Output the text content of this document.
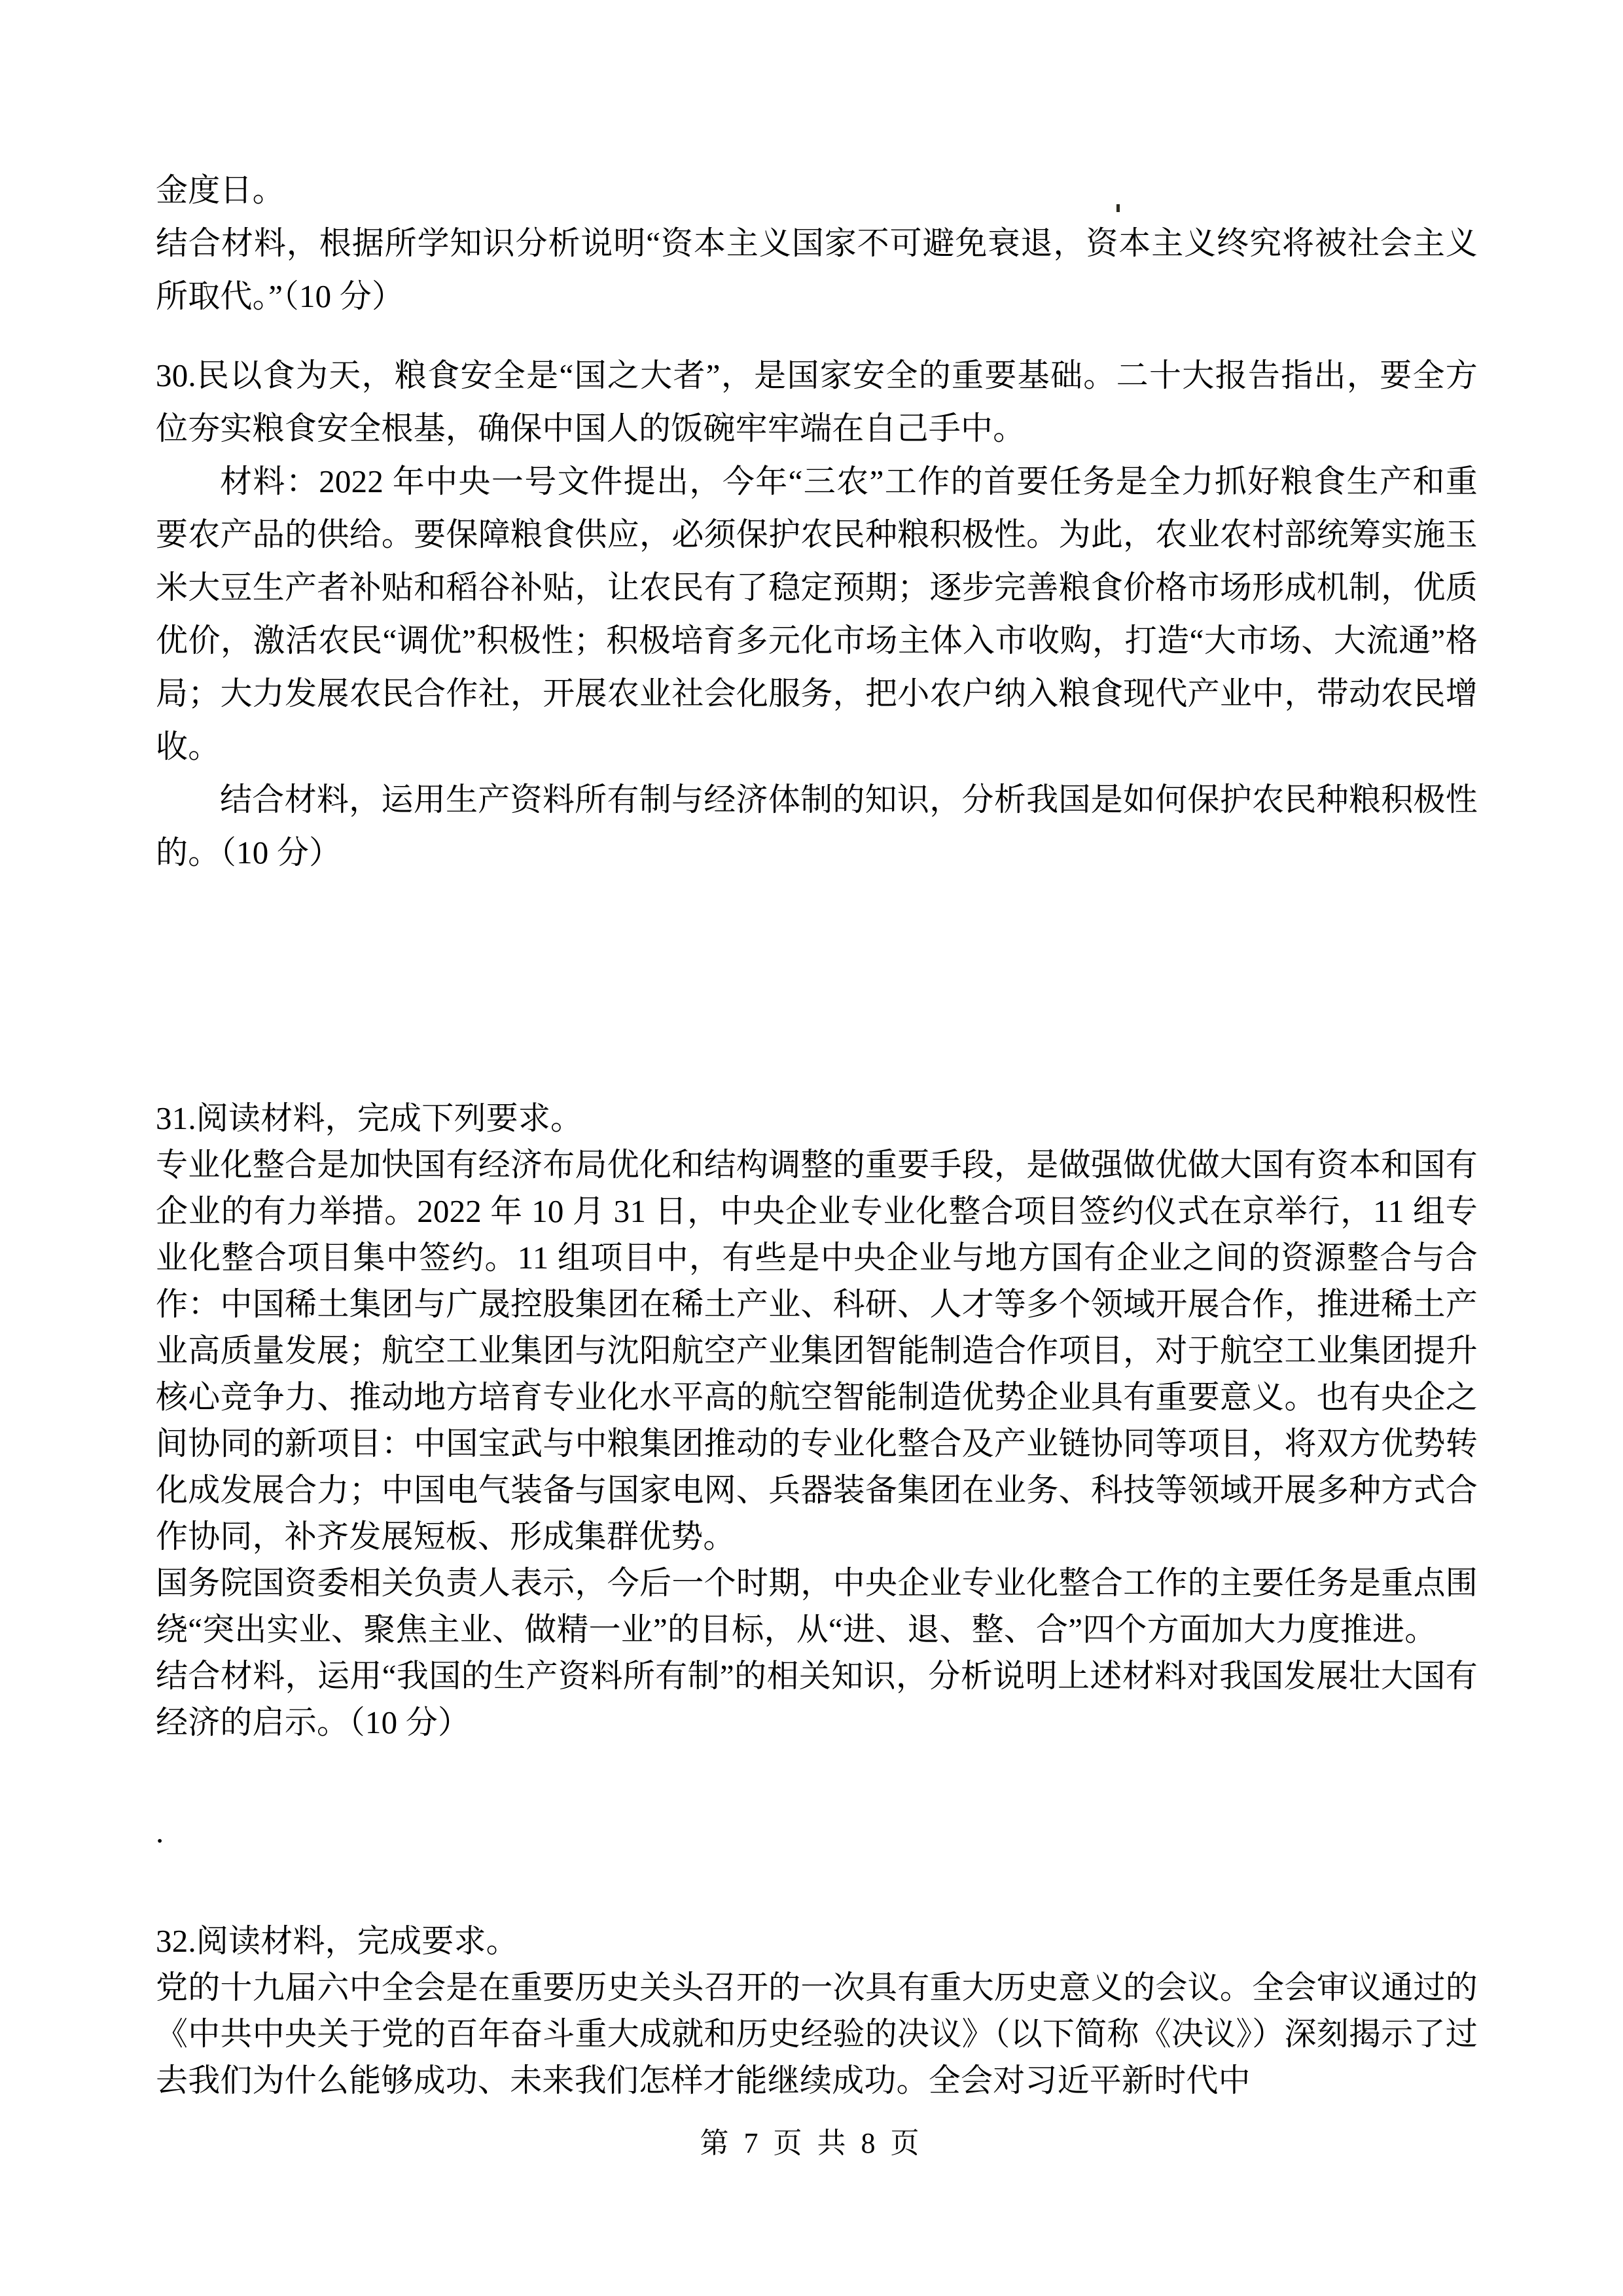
金度日。
结合材料，根据所学知识分析说明“资本主义国家不可避免衰退，资本主义终究将被社会主义所取代。”（10 分）
30.民以食为天，粮食安全是“国之大者”，是国家安全的重要基础。二十大报告指出，要全方位夯实粮食安全根基，确保中国人的饭碗牢牢端在自己手中。
材料：2022 年中央一号文件提出，今年“三农”工作的首要任务是全力抓好粮食生产和重要农产品的供给。要保障粮食供应，必须保护农民种粮积极性。为此，农业农村部统筹实施玉米大豆生产者补贴和稻谷补贴，让农民有了稳定预期；逐步完善粮食价格市场形成机制，优质优价，激活农民“调优”积极性；积极培育多元化市场主体入市收购，打造“大市场、大流通”格局；大力发展农民合作社，开展农业社会化服务，把小农户纳入粮食现代产业中，带动农民增收。
结合材料，运用生产资料所有制与经济体制的知识，分析我国是如何保护农民种粮积极性的。（10 分）
31.阅读材料，完成下列要求。
专业化整合是加快国有经济布局优化和结构调整的重要手段，是做强做优做大国有资本和国有企业的有力举措。2022 年 10 月 31 日，中央企业专业化整合项目签约仪式在京举行，11 组专业化整合项目集中签约。11 组项目中，有些是中央企业与地方国有企业之间的资源整合与合作：中国稀土集团与广晟控股集团在稀土产业、科研、人才等多个领域开展合作，推进稀土产业高质量发展；航空工业集团与沈阳航空产业集团智能制造合作项目，对于航空工业集团提升核心竞争力、推动地方培育专业化水平高的航空智能制造优势企业具有重要意义。也有央企之间协同的新项目：中国宝武与中粮集团推动的专业化整合及产业链协同等项目，将双方优势转化成发展合力；中国电气装备与国家电网、兵器装备集团在业务、科技等领域开展多种方式合作协同，补齐发展短板、形成集群优势。
国务院国资委相关负责人表示，今后一个时期，中央企业专业化整合工作的主要任务是重点围绕“突出实业、聚焦主业、做精一业”的目标，从“进、退、整、合”四个方面加大力度推进。
结合材料，运用“我国的生产资料所有制”的相关知识，分析说明上述材料对我国发展壮大国有经济的启示。（10 分）
.
32.阅读材料，完成要求。
党的十九届六中全会是在重要历史关头召开的一次具有重大历史意义的会议。全会审议通过的《中共中央关于党的百年奋斗重大成就和历史经验的决议》（以下简称《决议》）深刻揭示了过去我们为什么能够成功、未来我们怎样才能继续成功。全会对习近平新时代中
第 7 页 共 8 页
